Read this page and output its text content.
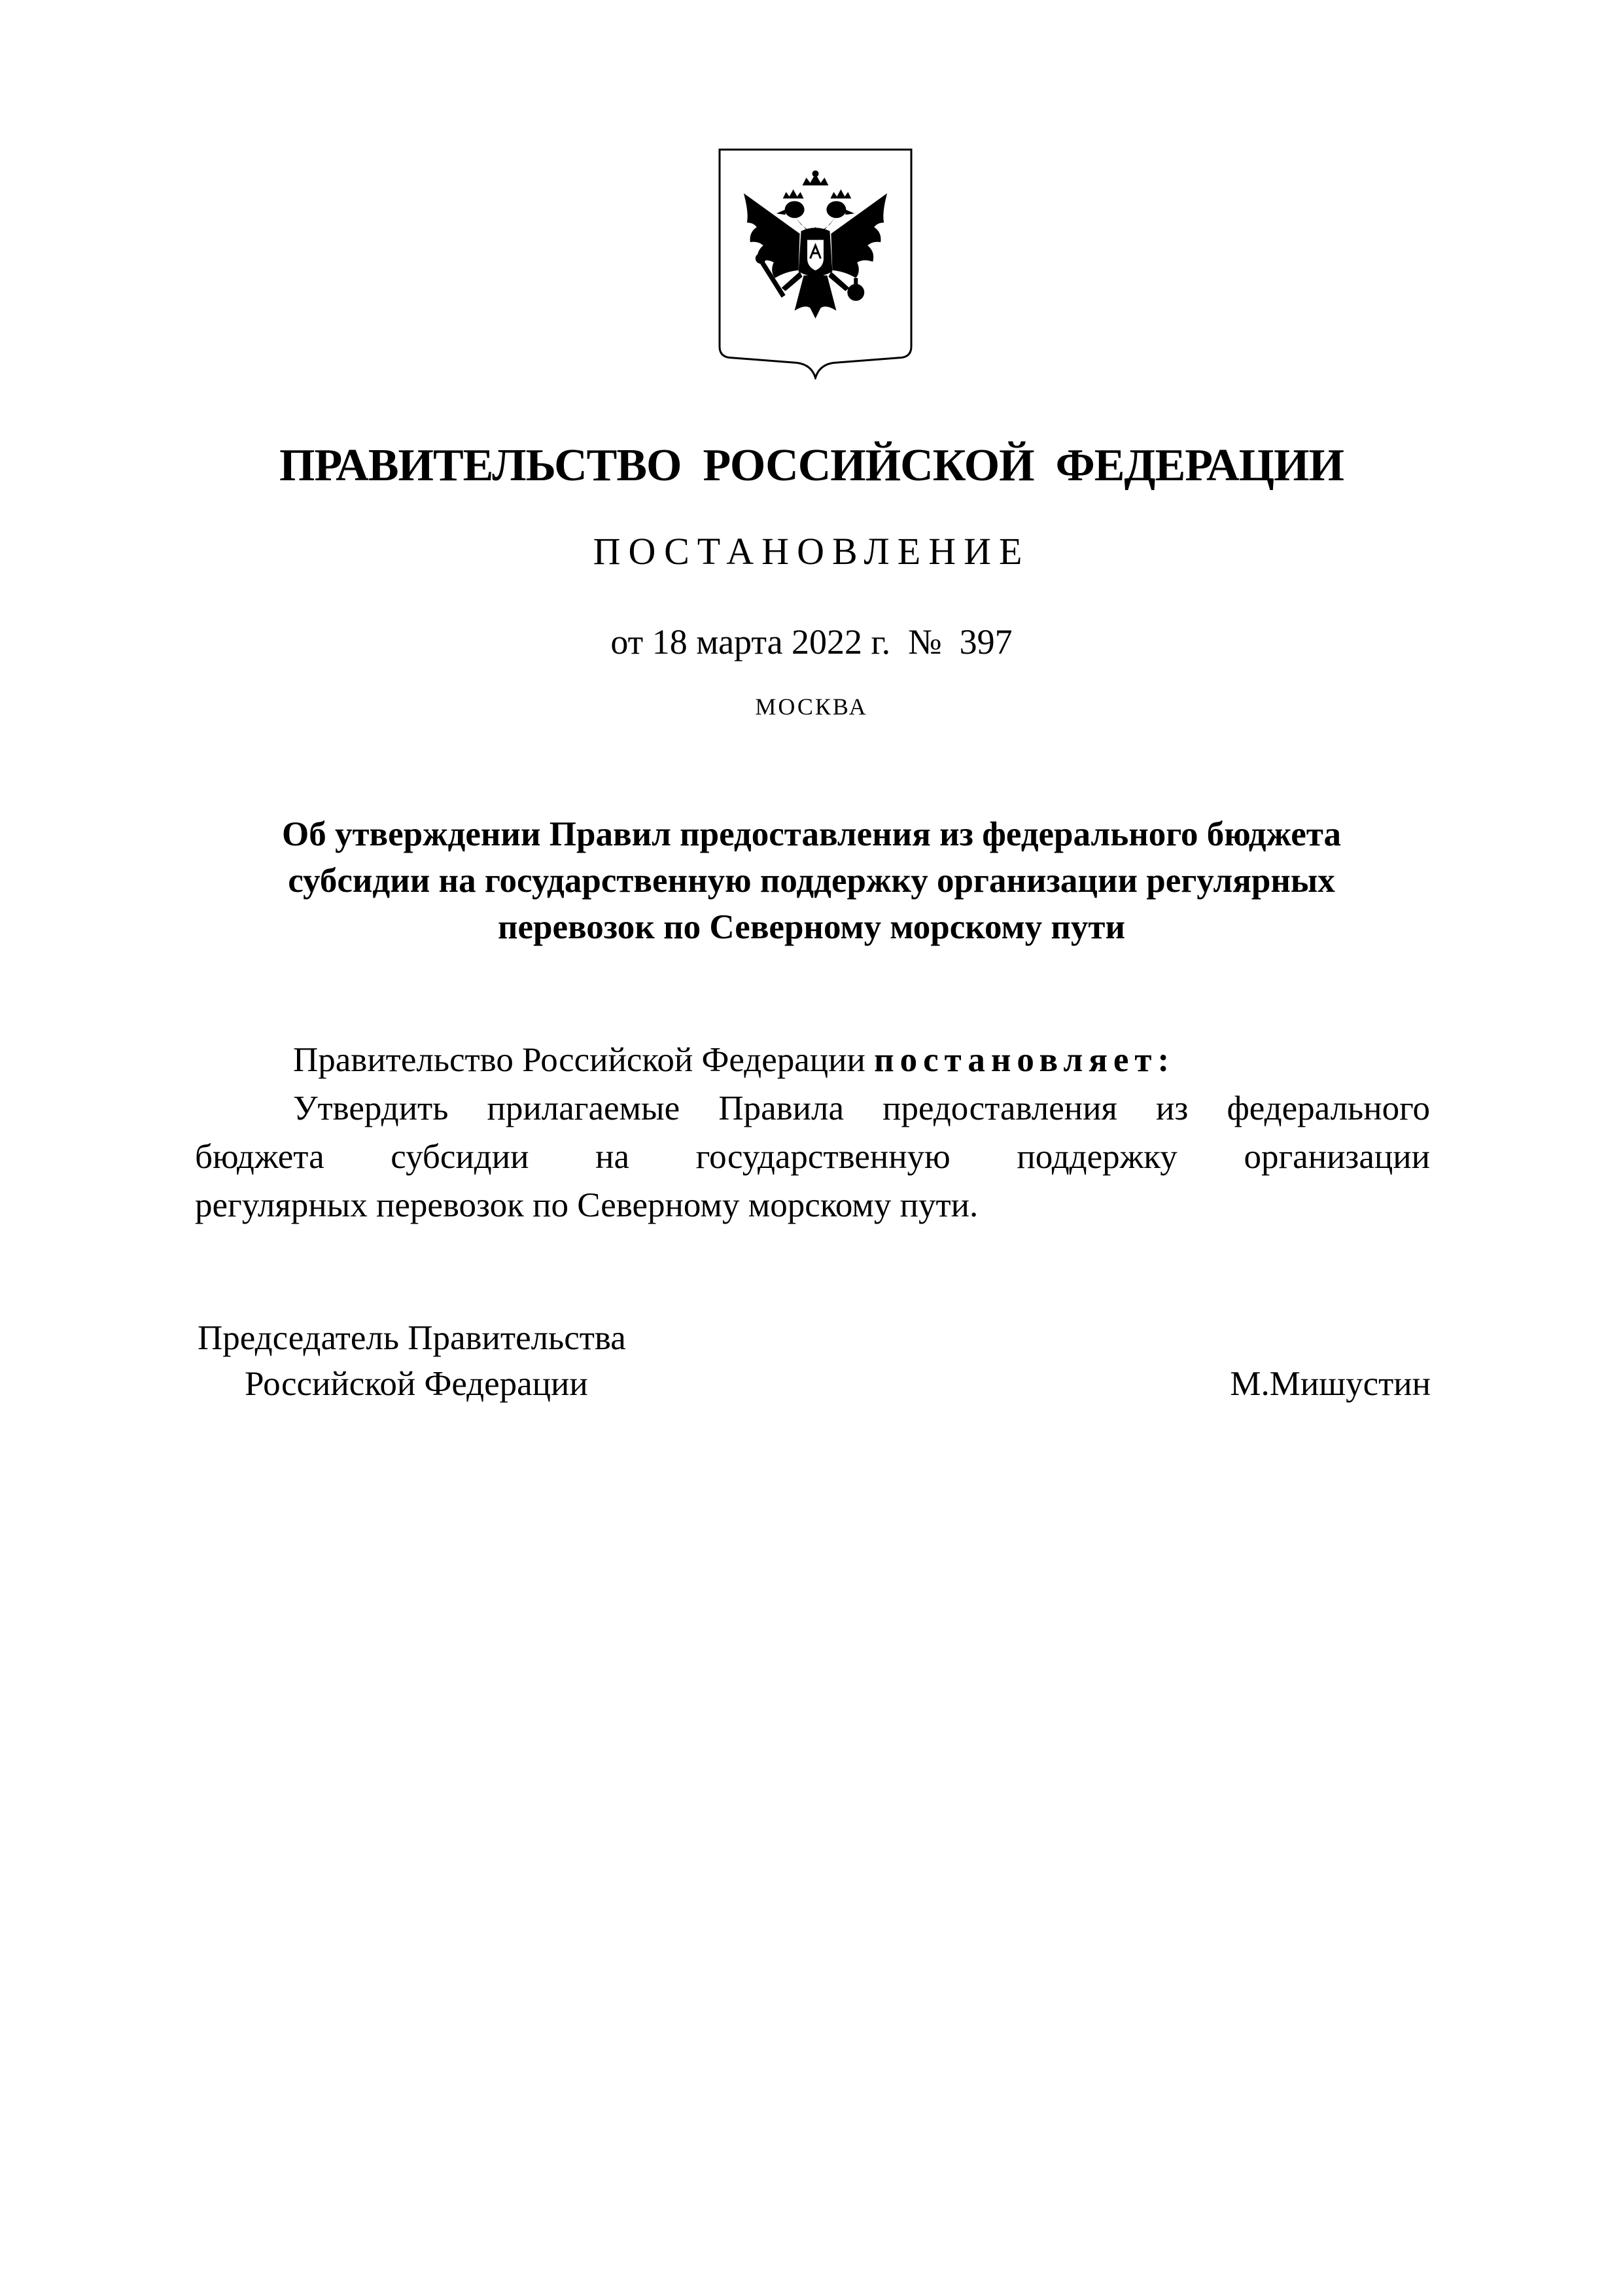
ПРАВИТЕЛЬСТВО  РОССИЙСКОЙ  ФЕДЕРАЦИИ
ПОСТАНОВЛЕНИЕ
от 18 марта 2022 г.  №  397
МОСКВА
Об утверждении Правил предоставления из федерального бюджета
субсидии на государственную поддержку организации регулярных
перевозок по Северному морскому пути
Правительство Российской Федерации постановляет:
Утвердить прилагаемые Правила предоставления из федерального
бюджета субсидии на государственную поддержку организации
регулярных перевозок по Северному морскому пути.
Председатель Правительства
Российской Федерации	М.Мишустин
